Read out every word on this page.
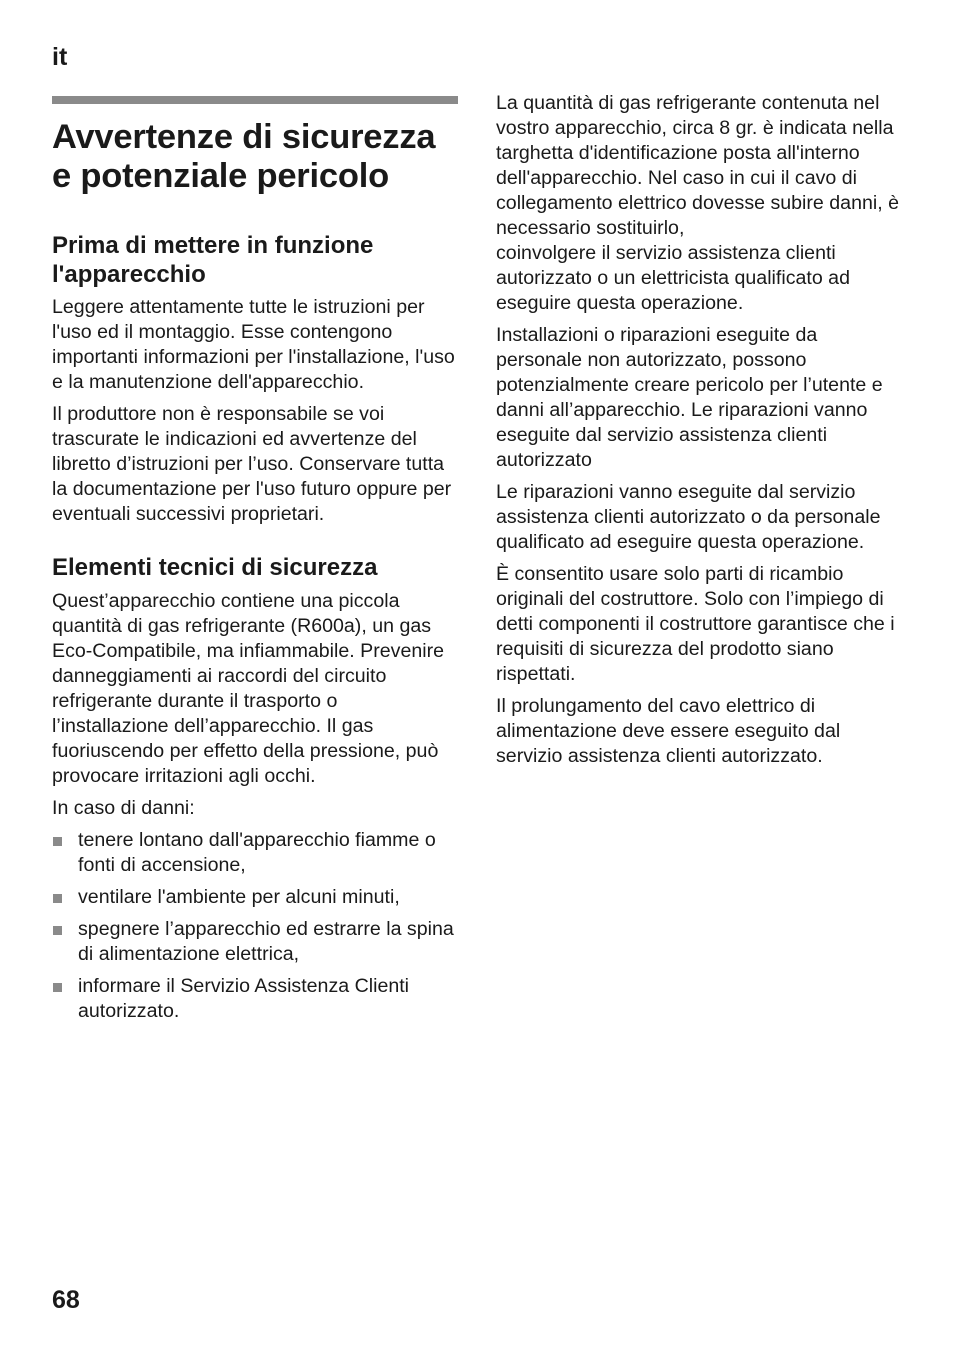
it
Avvertenze di sicurezza e potenziale pericolo
Prima di mettere in funzione l'apparecchio

Leggere attentamente tutte le istruzioni per l'uso ed il montaggio. Esse contengono importanti informazioni per l'installazione, l'uso e la manutenzione dell'apparecchio.

Il produttore non è responsabile se voi trascurate le indicazioni ed avvertenze del libretto d’istruzioni per l’uso. Conservare tutta la documentazione per l'uso futuro oppure per eventuali successivi proprietari.

Elementi tecnici di sicurezza

Quest’apparecchio contiene una piccola quantità di gas refrigerante (R600a), un gas Eco-Compatibile, ma infiammabile. Prevenire danneggiamenti ai raccordi del circuito refrigerante durante il trasporto o l’installazione dell’apparecchio. Il gas fuoriuscendo per effetto della pressione, può provocare irritazioni agli occhi.

In caso di danni:

tenere lontano dall'apparecchio fiamme o fonti di accensione,
ventilare l'ambiente per alcuni minuti,
spegnere l’apparecchio ed estrarre la spina di alimentazione elettrica,
informare il Servizio Assistenza Clienti autorizzato.

La quantità di gas refrigerante contenuta nel vostro apparecchio, circa 8 gr. è indicata nella targhetta d'identificazione posta all'interno dell'apparecchio. Nel caso in cui il cavo di collegamento elettrico dovesse subire danni, è necessario sostituirlo,

coinvolgere il servizio assistenza clienti autorizzato o un elettricista qualificato ad eseguire questa operazione.

Installazioni o riparazioni eseguite da personale non autorizzato, possono potenzialmente creare pericolo per l’utente e danni all’apparecchio. Le riparazioni vanno eseguite dal servizio assistenza clienti autorizzato

Le riparazioni vanno eseguite dal servizio assistenza clienti autorizzato o da personale qualificato ad eseguire questa operazione.

È consentito usare solo parti di ricambio originali del costruttore. Solo con l’impiego di detti componenti il costruttore garantisce che i requisiti di sicurezza del prodotto siano rispettati.

Il prolungamento del cavo elettrico di alimentazione deve essere eseguito dal servizio assistenza clienti autorizzato.

68
